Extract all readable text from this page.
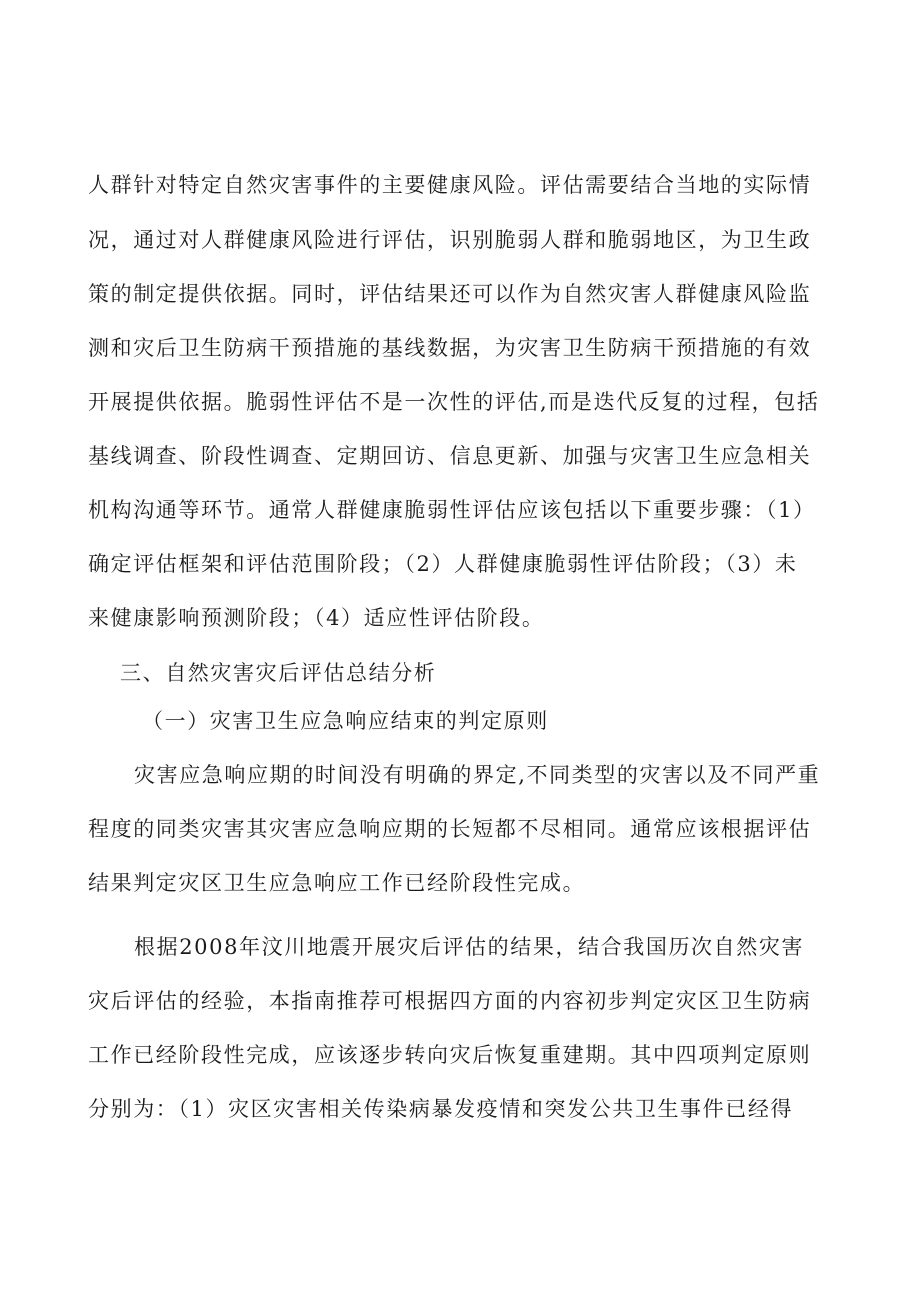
人群针对特定自然灾害事件的主要健康风险。评估需要结合当地的实际情
况，通过对人群健康风险进行评估，识别脆弱人群和脆弱地区，为卫生政
策的制定提供依据。同时，评估结果还可以作为自然灾害人群健康风险监
测和灾后卫生防病干预措施的基线数据，为灾害卫生防病干预措施的有效
开展提供依据。脆弱性评估不是一次性的评估,而是迭代反复的过程，包括
基线调查、阶段性调查、定期回访、信息更新、加强与灾害卫生应急相关
机构沟通等环节。通常人群健康脆弱性评估应该包括以下重要步骤：（1）
确定评估框架和评估范围阶段；（2）人群健康脆弱性评估阶段；（3）未
来健康影响预测阶段；（4）适应性评估阶段。
三、自然灾害灾后评估总结分析
（一）灾害卫生应急响应结束的判定原则
灾害应急响应期的时间没有明确的界定,不同类型的灾害以及不同严重
程度的同类灾害其灾害应急响应期的长短都不尽相同。通常应该根据评估
结果判定灾区卫生应急响应工作已经阶段性完成。
根据2008年汶川地震开展灾后评估的结果，结合我国历次自然灾害
灾后评估的经验，本指南推荐可根据四方面的内容初步判定灾区卫生防病
工作已经阶段性完成，应该逐步转向灾后恢复重建期。其中四项判定原则
分别为：（1）灾区灾害相关传染病暴发疫情和突发公共卫生事件已经得
